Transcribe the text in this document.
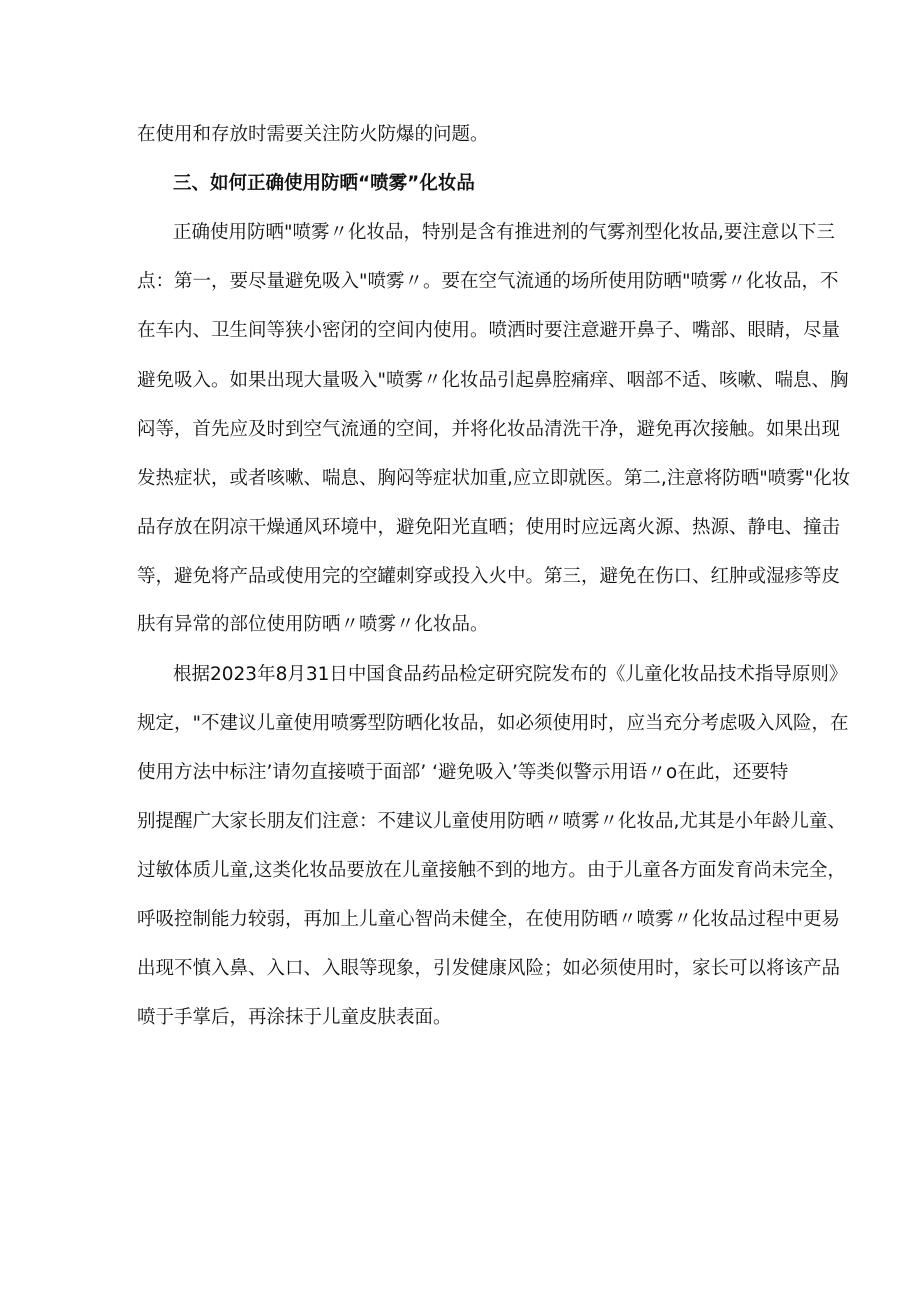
在使用和存放时需要关注防火防爆的问题。
三、如何正确使用防晒“喷雾”化妆品
正确使用防晒"喷雾〃化妆品，特别是含有推进剂的气雾剂型化妆品,要注意以下三
点：第一，要尽量避免吸入"喷雾〃。要在空气流通的场所使用防晒"喷雾〃化妆品，不
在车内、卫生间等狭小密闭的空间内使用。喷洒时要注意避开鼻子、嘴部、眼睛，尽量
避免吸入。如果出现大量吸入"喷雾〃化妆品引起鼻腔痛痒、咽部不适、咳嗽、喘息、胸
闷等，首先应及时到空气流通的空间，并将化妆品清洗干净，避免再次接触。如果出现
发热症状，或者咳嗽、喘息、胸闷等症状加重,应立即就医。第二,注意将防晒"喷雾"化妆
品存放在阴凉干燥通风环境中，避免阳光直晒；使用时应远离火源、热源、静电、撞击
等，避免将产品或使用完的空罐刺穿或投入火中。第三，避免在伤口、红肿或湿疹等皮
肤有异常的部位使用防晒〃喷雾〃化妆品。
根据2023年8月31日中国食品药品检定研究院发布的《儿童化妆品技术指导原则》
规定，"不建议儿童使用喷雾型防晒化妆品，如必须使用时，应当充分考虑吸入风险，在
使用方法中标注’请勿直接喷于面部’ ‘避免吸入’等类似警示用语〃o在此，还要特
别提醒广大家长朋友们注意：不建议儿童使用防晒〃喷雾〃化妆品,尤其是小年龄儿童、
过敏体质儿童,这类化妆品要放在儿童接触不到的地方。由于儿童各方面发育尚未完全，
呼吸控制能力较弱，再加上儿童心智尚未健全，在使用防晒〃喷雾〃化妆品过程中更易
出现不慎入鼻、入口、入眼等现象，引发健康风险；如必须使用时，家长可以将该产品
喷于手掌后，再涂抹于儿童皮肤表面。
